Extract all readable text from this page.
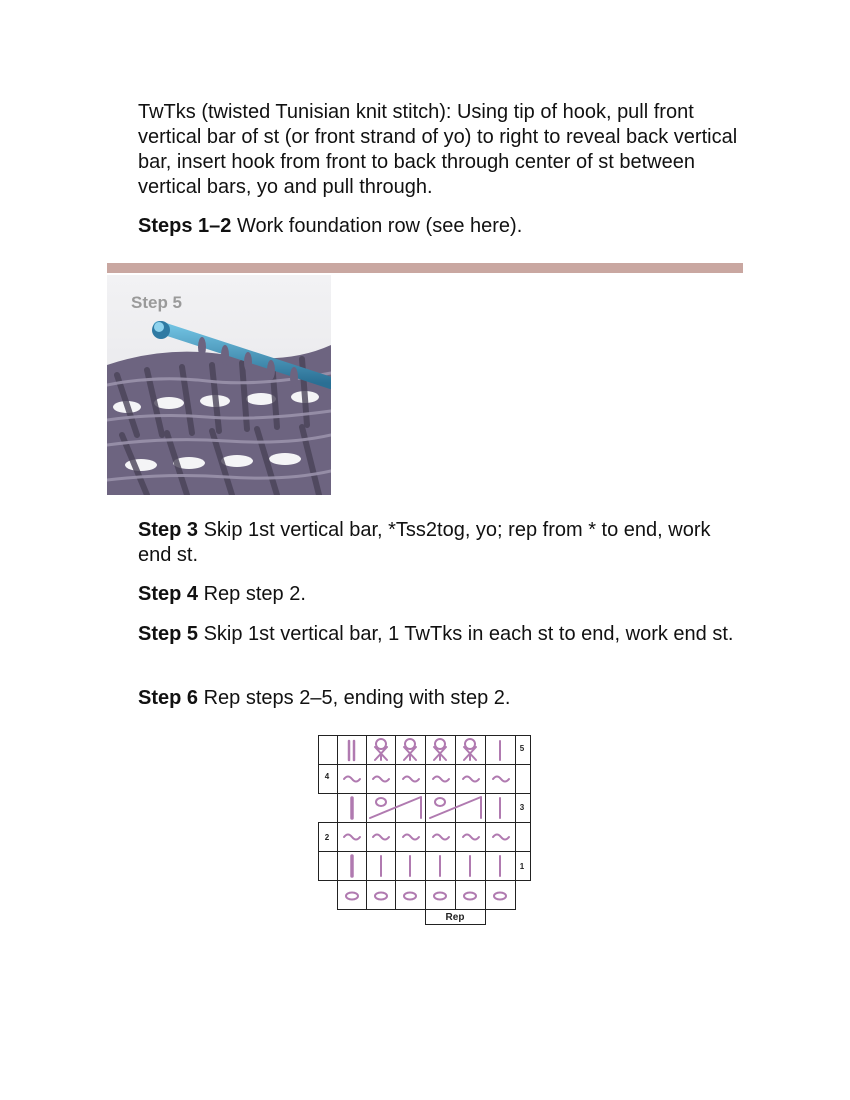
TwTks (twisted Tunisian knit stitch): Using tip of hook, pull front vertical bar of st (or front strand of yo) to right to reveal back vertical bar, insert hook from front to back through center of st between vertical bars, yo and pull through.

Steps 1–2 Work foundation row (see here).

Step 5

Step 3 Skip 1st vertical bar, *Tss2tog, yo; rep from * to end, work end st.

Step 4 Rep step 2.

Step 5 Skip 1st vertical bar, 1 TwTks in each st to end, work end st.

Step 6 Rep steps 2–5, ending with step 2.

5
4
3
2
1
Rep
